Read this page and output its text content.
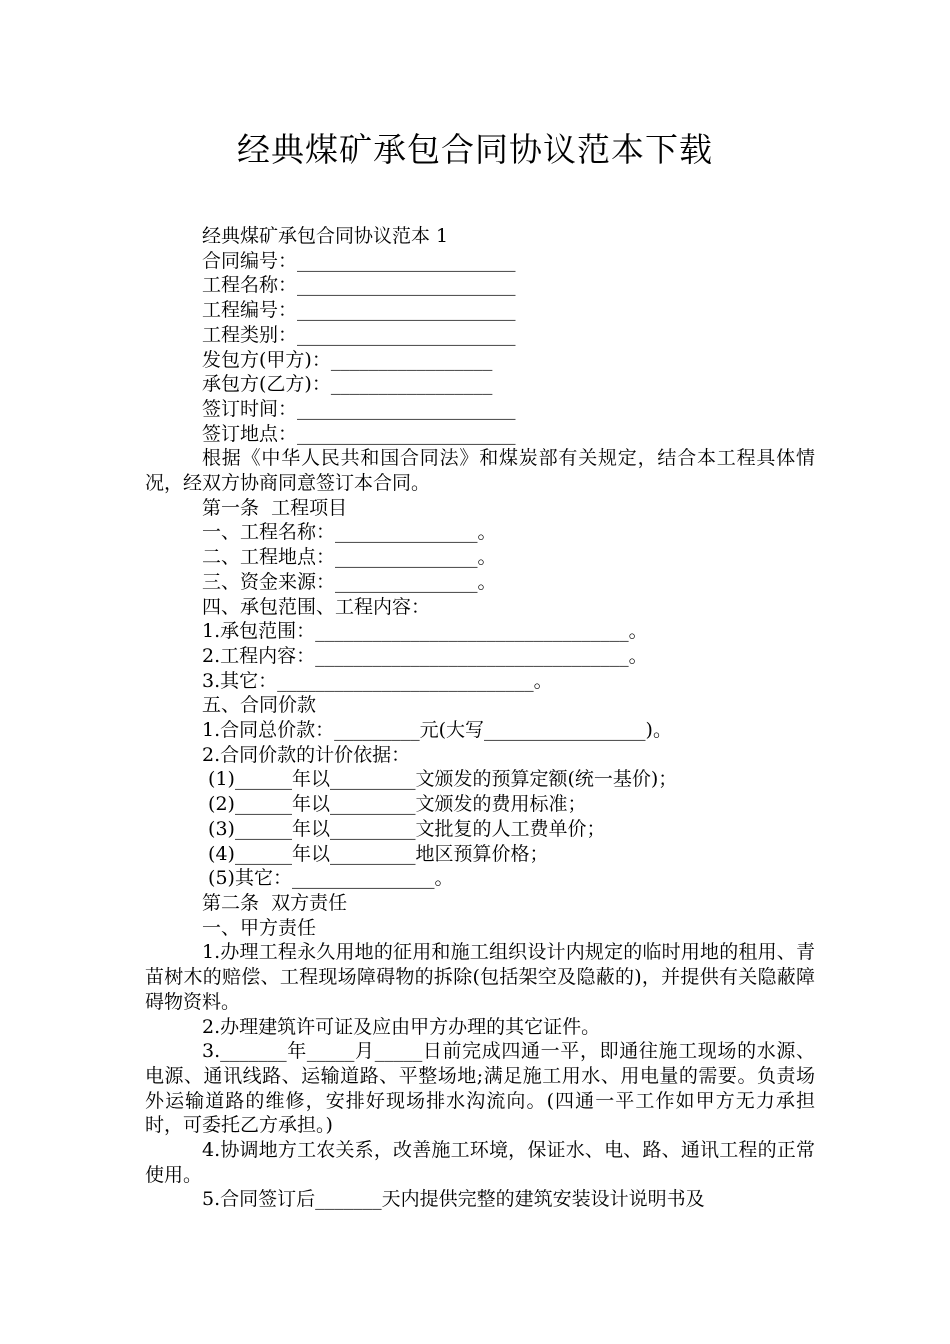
经典煤矿承包合同协议范本下载
经典煤矿承包合同协议范本 1
合同编号：_______________________
工程名称：_______________________
工程编号：_______________________
工程类别：_______________________
发包方(甲方)：_________________
承包方(乙方)：_________________
签订时间：_______________________
签订地点：_______________________

根据《中华人民共和国合同法》和煤炭部有关规定，结合本工程具体情况，经双方协商同意签订本合同。

第一条  工程项目
一、工程名称：_______________。
二、工程地点：_______________。
三、资金来源：_______________。
四、承包范围、工程内容：
1.承包范围：_________________________________。
2.工程内容：_________________________________。
3.其它：___________________________。
五、合同价款
1.合同总价款：_________元(大写_________________)。
2.合同价款的计价依据：
(1)______年以_________文颁发的预算定额(统一基价)；
(2)______年以_________文颁发的费用标准；
(3)______年以_________文批复的人工费单价；
(4)______年以_________地区预算价格；
(5)其它：_______________。
第二条  双方责任
一、甲方责任

1.办理工程永久用地的征用和施工组织设计内规定的临时用地的租用、青苗树木的赔偿、工程现场障碍物的拆除(包括架空及隐蔽的)，并提供有关隐蔽障碍物资料。

2.办理建筑许可证及应由甲方办理的其它证件。

3._______年_____月_____日前完成四通一平，即通往施工现场的水源、电源、通讯线路、运输道路、平整场地;满足施工用水、用电量的需要。负责场外运输道路的维修，安排好现场排水沟流向。(四通一平工作如甲方无力承担时，可委托乙方承担。)

4.协调地方工农关系，改善施工环境，保证水、电、路、通讯工程的正常使用。

5.合同签订后_______天内提供完整的建筑安装设计说明书及
